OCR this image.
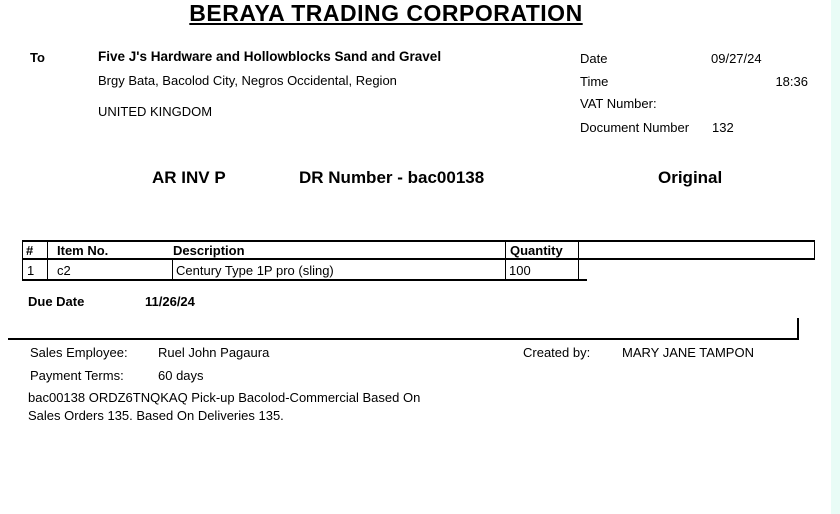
BERAYA TRADING CORPORATION
To	Five J's Hardware and Hollowblocks Sand and Gravel
Brgy Bata, Bacolod City, Negros Occidental, Region
UNITED KINGDOM
Date	09/27/24
Time	18:36
VAT Number:
Document Number 132
AR INV P	DR Number - bac00138	Original
# Item No.	Description	Quantity
1 c2	Century Type 1P pro (sling)	100
Due Date	11/26/24
Sales Employee: Ruel John Pagaura	Created by: MARY JANE TAMPON
Payment Terms:	60 days
bac00138 ORDZ6TNQKAQ Pick-up Bacolod-Commercial Based On
Sales Orders 135. Based On Deliveries 135.
